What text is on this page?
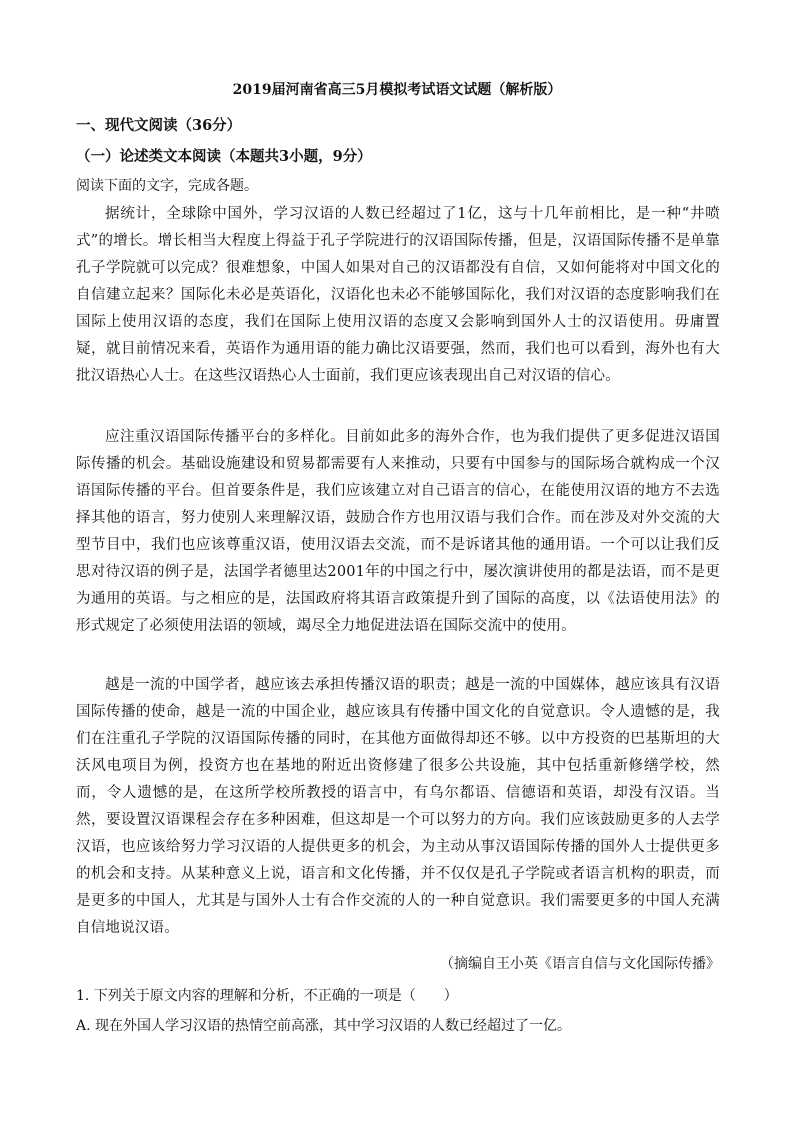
2019届河南省高三5月模拟考试语文试题（解析版）
一、现代文阅读（36分）
（一）论述类文本阅读（本题共3小题，9分）
阅读下面的文字，完成各题。

据统计，全球除中国外，学习汉语的人数已经超过了1亿，这与十几年前相比，是一种“井喷式”的增长。增长相当大程度上得益于孔子学院进行的汉语国际传播，但是，汉语国际传播不是单靠孔子学院就可以完成？很难想象，中国人如果对自己的汉语都没有自信，又如何能将对中国文化的自信建立起来？国际化未必是英语化，汉语化也未必不能够国际化，我们对汉语的态度影响我们在国际上使用汉语的态度，我们在国际上使用汉语的态度又会影响到国外人士的汉语使用。毋庸置疑，就目前情况来看，英语作为通用语的能力确比汉语要强，然而，我们也可以看到，海外也有大批汉语热心人士。在这些汉语热心人士面前，我们更应该表现出自己对汉语的信心。

应注重汉语国际传播平台的多样化。目前如此多的海外合作，也为我们提供了更多促进汉语国际传播的机会。基础设施建设和贸易都需要有人来推动，只要有中国参与的国际场合就构成一个汉语国际传播的平台。但首要条件是，我们应该建立对自己语言的信心，在能使用汉语的地方不去选择其他的语言，努力使别人来理解汉语，鼓励合作方也用汉语与我们合作。而在涉及对外交流的大型节目中，我们也应该尊重汉语，使用汉语去交流，而不是诉诸其他的通用语。一个可以让我们反思对待汉语的例子是，法国学者德里达2001年的中国之行中，屡次演讲使用的都是法语，而不是更为通用的英语。与之相应的是，法国政府将其语言政策提升到了国际的高度，以《法语使用法》的形式规定了必须使用法语的领域，竭尽全力地促进法语在国际交流中的使用。

越是一流的中国学者，越应该去承担传播汉语的职责；越是一流的中国媒体，越应该具有汉语国际传播的使命，越是一流的中国企业，越应该具有传播中国文化的自觉意识。令人遗憾的是，我们在注重孔子学院的汉语国际传播的同时，在其他方面做得却还不够。以中方投资的巴基斯坦的大沃风电项目为例，投资方也在基地的附近出资修建了很多公共设施，其中包括重新修缮学校，然而，令人遗憾的是，在这所学校所教授的语言中，有乌尔都语、信德语和英语，却没有汉语。当然，要设置汉语课程会存在多种困难，但这却是一个可以努力的方向。我们应该鼓励更多的人去学汉语，也应该给努力学习汉语的人提供更多的机会，为主动从事汉语国际传播的国外人士提供更多的机会和支持。从某种意义上说，语言和文化传播，并不仅仅是孔子学院或者语言机构的职责，而是更多的中国人，尤其是与国外人士有合作交流的人的一种自觉意识。我们需要更多的中国人充满自信地说汉语。

（摘编自王小英《语言自信与文化国际传播》
1. 下列关于原文内容的理解和分析，不正确的一项是（　　）
A. 现在外国人学习汉语的热情空前高涨，其中学习汉语的人数已经超过了一亿。
